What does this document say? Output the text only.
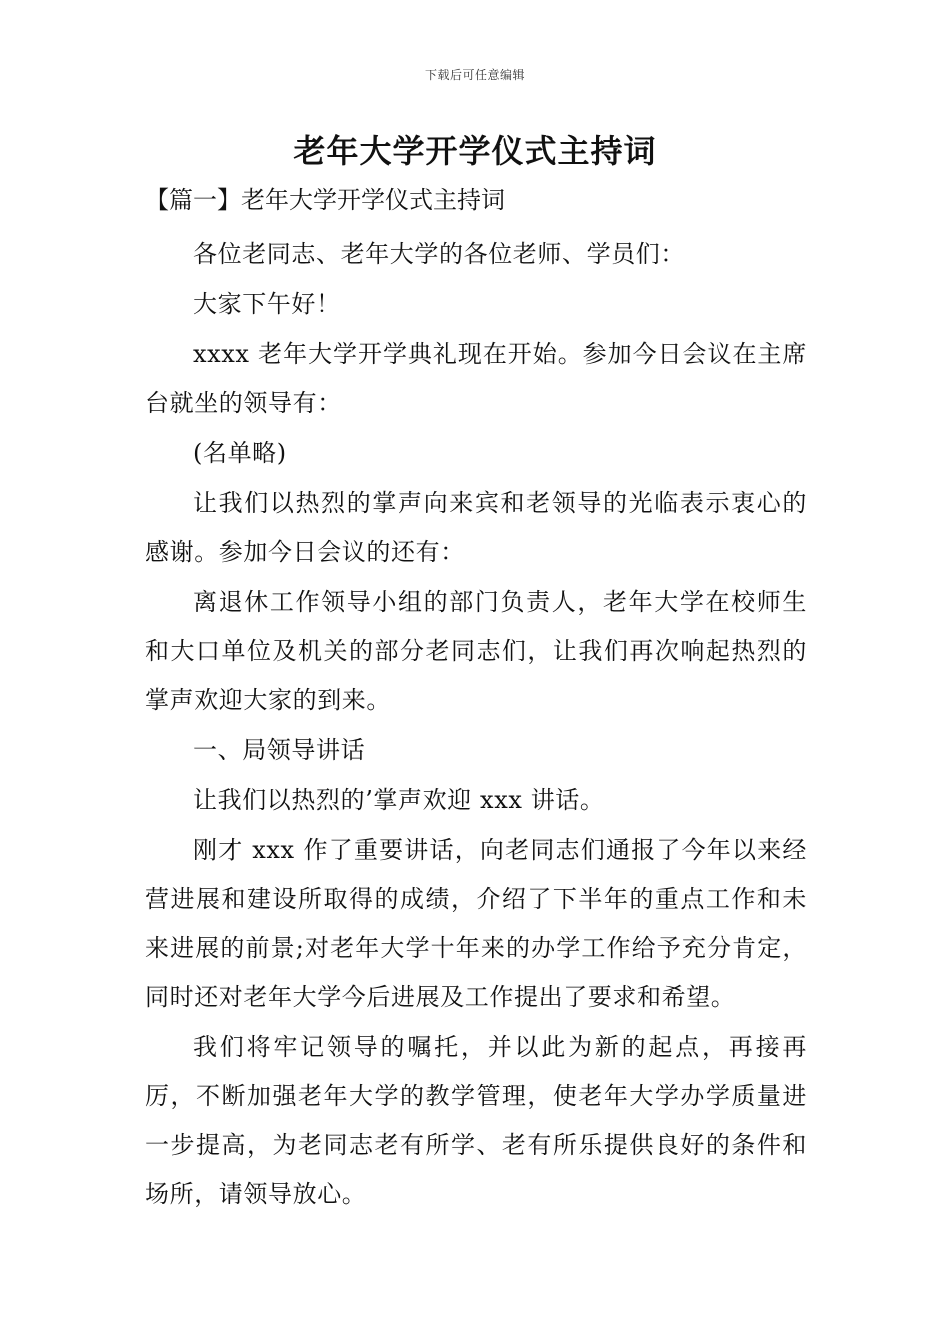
下载后可任意编辑
老年大学开学仪式主持词
【篇一】老年大学开学仪式主持词

各位老同志、老年大学的各位老师、学员们：

大家下午好！

xxxx 老年大学开学典礼现在开始。参加今日会议在主席台就坐的领导有：

(名单略)

让我们以热烈的掌声向来宾和老领导的光临表示衷心的感谢。参加今日会议的还有：

离退休工作领导小组的部门负责人，老年大学在校师生和大口单位及机关的部分老同志们，让我们再次响起热烈的掌声欢迎大家的到来。

一、局领导讲话

让我们以热烈的’掌声欢迎 xxx 讲话。

刚才 xxx 作了重要讲话，向老同志们通报了今年以来经营进展和建设所取得的成绩，介绍了下半年的重点工作和未来进展的前景;对老年大学十年来的办学工作给予充分肯定，同时还对老年大学今后进展及工作提出了要求和希望。

我们将牢记领导的嘱托，并以此为新的起点，再接再厉，不断加强老年大学的教学管理，使老年大学办学质量进一步提高，为老同志老有所学、老有所乐提供良好的条件和场所，请领导放心。
